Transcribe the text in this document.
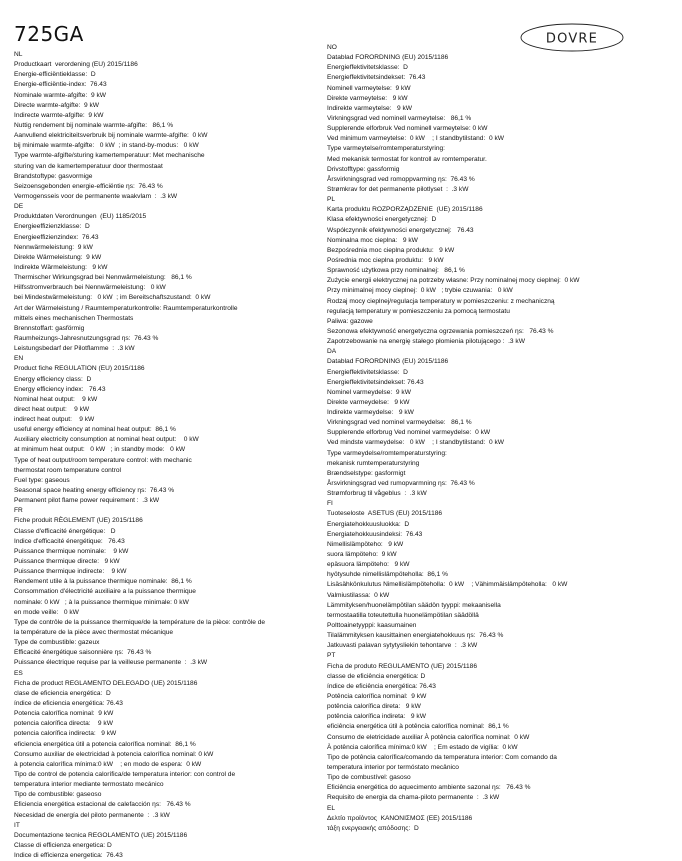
725GA	DOVRE
NL
Productkaart  verordening (EU) 2015/1186
Energie-efficiëntieklasse:  D
Energie-efficiëntie-index:  76.43
Nominale warmte-afgifte:  9 kW
Directe warmte-afgifte:  9 kW
Indirecte warmte-afgifte:  9 kW
Nuttig rendement bij nominale warmte-afgifte:   86,1 %
Aanvullend elektriciteitsverbruik bij nominale warmte-afgifte:  0 kW
bij minimale warmte-afgifte:   0 kW  ; in stand-by-modus:   0 kW
Type warmte-afgifte/sturing kamertemperatuur: Met mechanische
sturing van de kamertemperatuur door thermostaat
Brandstoftype: gasvormige
Seizoensgebonden energie-efficiëntie ηs:  76.43 %
Vermogensseis voor de permanente waakvlam  :  .3 kW
DE
Produktdaten Verordnungen  (EU) 1185/2015
Energieeffizienzklasse:  D
Energieeffizienzindex:  76.43
Nennwärmeleistung:  9 kW
Direkte Wärmeleistung:  9 kW
Indirekte Wärmeleistung:   9 kW
Thermischer Wirkungsgrad bei Nennwärmeleistung:   86,1 %
Hilfsstromverbrauch bei Nennwärmeleistung:   0 kW
bei Mindestwärmeleistung:   0 kW  ; im Bereitschaftszustand:  0 kW
Art der Wärmeleistung / Raumtemperaturkontrolle: Raumtemperaturkontrolle
mittels eines mechanischen Thermostats
Brennstoffart: gasförmig
Raumheizungs-Jahresnutzungsgrad ηs:  76.43 %
Leistungsbedarf der Pilotflamme  :  .3 kW
EN
Product fiche REGULATION (EU) 2015/1186
Energy efficiency class:  D
Energy efficiency index:   76.43
Nominal heat output:    9 kW
direct heat output:    9 kW
indirect heat output:    9 kW
useful energy efficiency at nominal heat output:  86,1 %
Auxiliary electricity consumption at nominal heat output:    0 kW
at minimum heat output:   0 kW   ; in standby mode:   0 kW
Type of heat output/room temperature control: with mechanic
thermostat room temperature control
Fuel type: gaseous
Seasonal space heating energy efficiency ηs:  76.43 %
Permanent pilot flame power requirement :  .3 kW
FR
Fiche produit RÈGLEMENT (UE) 2015/1186
Classe d'efficacité énergétique:   D
Indice d'efficacité énergétique:   76.43
Puissance thermique nominale:    9 kW
Puissance thermique directe:   9 kW
Puissance thermique indirecte:    9 kW
Rendement utile à la puissance thermique nominale:  86,1 %
Consommation d'électricité auxiliaire a la puissance thermique
nominale: 0 kW   ; à la puissance thermique minimale: 0 kW
en mode veille:   0 kW
Type de contrôle de la puissance thermique/de la température de la pièce: contrôle de
la température de la pièce avec thermostat mécanique
Type de combustible: gazeux
Efficacité énergétique saisonnière ηs:  76.43 %
Puissance électrique requise par la veilleuse permanente  :  .3 kW
ES
Ficha de product REGLAMENTO DELEGADO (UE) 2015/1186
clase de eficiencia energética:  D
índice de eficiencia energética: 76.43
Potencia calorífica nominal:  9 kW
potencia calorífica directa:    9 kW
potencia calorífica indirecta:   9 kW
eficiencia energética útil a potencia calorífica nominal:  86,1 %
Consumo auxiliar de electricidad à potencia calorífica nominal: 0 kW
à potencia calorífica mínima:0 kW    ; en modo de espera:  0 kW
Tipo de control de potencia calorífica/de temperatura interior: con control de
temperatura interior mediante termostato mecánico
Tipo de combustible: gaseoso
Eficiencia energética estacional de calefacción ηs:   76.43 %
Necesidad de energía del piloto permanente  :  .3 kW
IT
Documentazione tecnica REGOLAMENTO (UE) 2015/1186
Classe di efficienza energetica: D
Indice di efficienza energetica:  76.43
NO
Datablad FORORDNING (EU) 2015/1186
Energieffektivitetsklasse:  D
Energieffektivitetsindekset:  76.43
Nominell varmeytelse:  9 kW
Direkte varmeytelse:   9 kW
Indirekte varmeytelse:   9 kW
Virkningsgrad ved nominell varmeytelse:   86,1 %
Supplerende elforbruk Ved nominell varmeytelse: 0 kW
Ved minimum varmeytelse:  0 kW    ; I standbytilstand:  0 kW
Type varmeytelse/romtemperaturstyring:
Med mekanisk termostat for kontroll av romtemperatur.
Drivstofftype: gassformig
Årsvirkningsgrad ved romoppvarming ηs:  76.43 %
Strømkrav for det permanente pilotlyset  :  .3 kW
PL
Karta produktu ROZPORZĄDZENIE  (UE) 2015/1186
Klasa efektywności energetycznej:  D
Współczynnik efektywności energetycznej:   76.43
Nominalna moc cieplna:   9 kW
Bezpośrednia moc cieplna produktu:   9 kW
Pośrednia moc cieplna produktu:   9 kW
Sprawność użytkowa przy nominalnej:   86,1 %
Zużycie energii elektrycznej na potrzeby własne: Przy nominalnej mocy cieplnej:  0 kW
Przy minimalnej mocy cieplnej:  0 kW   ; trybie czuwania:   0 kW
Rodzaj mocy cieplnej/regulacja temperatury w pomieszczeniu: z mechaniczną
regulacją temperatury w pomieszczeniu za pomocą termostatu
Paliwa: gazowe
Sezonowa efektywność energetyczna ogrzewania pomieszczeń ηs:   76.43 %
Zapotrzebowanie na energię stałego płomienia pilotującego :  .3 kW
DA
Datablad FORORDNING (EU) 2015/1186
Energieffektivitetsklasse:  D
Energieffektivitetsindekset: 76.43
Nominel varmeydelse:  9 kW
Direkte varmeydelse:   9 kW
Indirekte varmeydelse:   9 kW
Virkningsgrad ved nominel varmeydelse:   86,1 %
Supplerende elforbrug Ved nominel varmeydelse:  0 kW
Ved mindste varmeydelse:   0 kW    ; I standbytilstand:  0 kW
Type varmeydelse/romtemperaturstyring:
mekanisk rumtemperaturstyring
Brændselstype: gasformigt
Årsvirkningsgrad ved rumopvarmning ηs:  76.43 %
Strømforbrug til vågeblus  :  .3 kW
FI
Tuoteseloste  ASETUS (EU) 2015/1186
Energiatehokkuusluokka:  D
Energiatehokkuusindeksi:  76.43
Nimellislämpöteho:   9 kW
suora lämpöteho:  9 kW
epäsuora lämpöteho:   9 kW
hyötysuhde nimellislämpöteholla:  86,1 %
Lisäsähkönkulutus Nimellislämpöteholla:  0 kW    ; Vähimmäislämpöteholla:   0 kW
Valmiustilassa:  0 kW
Lämmityksen/huonelämpötilan säädön tyyppi: mekaanisella
termostaatilla toteutettulla huonelämpötilan säädöllä
Polttoainetyyppi: kaasumainen
Tilalämmityksen kausittainen energiatehokkuus ηs:  76.43 %
Jatkuvasti palavan sytytysliekin tehontarve  :  .3 kW
PT
Ficha de produto REGULAMENTO (UE) 2015/1186
classe de eficiência energética: D
índice de eficiência energética: 76.43
Potência calorífica nominal:  9 kW
potência calorífica direta:   9 kW
potência calorífica indireta:   9 kW
eficiência energética útil à potência calorífica nominal:  86,1 %
Consumo de eletricidade auxiliar À potência calorífica nominal:  0 kW
À potência calorífica mínima:0 kW    ; Em estado de vigília:  0 kW
Tipo de potência calorífica/comando da temperatura interior: Com comando da
temperatura interior por termóstato mecânico
Tipo de combustível: gasoso
Eficiência energética do aquecimento ambiente sazonal ηs:   76.43 %
Requisito de energia da chama-piloto permanente  :  .3 kW
EL
Δελτίο προϊόντος  ΚΑΝΟΝΙΣΜΟΣ (ΕΕ) 2015/1186
τάξη ενεργειακής απόδοσης:  D
